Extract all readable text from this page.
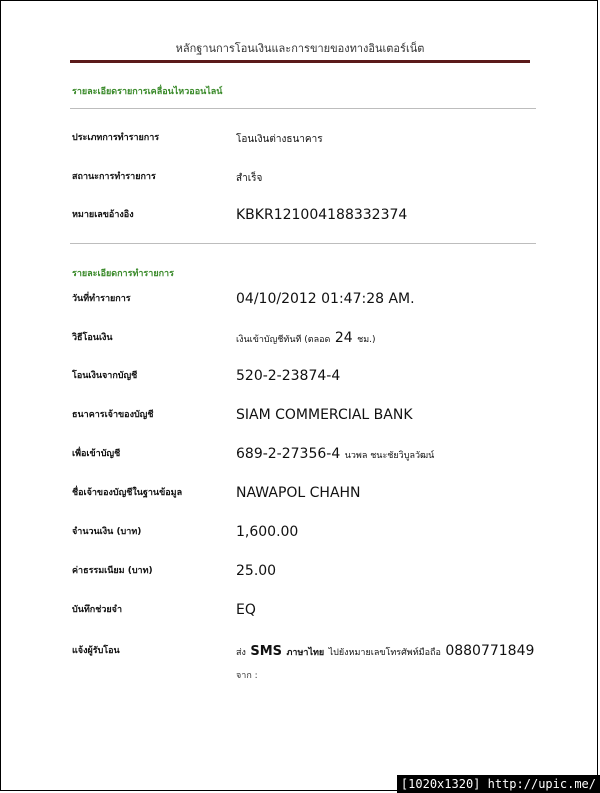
หลักฐานการโอนเงินและการขายของทางอินเตอร์เน็ต
รายละเอียดรายการเคลื่อนไหวออนไลน์
ประเภทการทำรายการ	โอนเงินต่างธนาคาร
สถานะการทำรายการ	สำเร็จ
หมายเลขอ้างอิง	KBKR121004188332374
รายละเอียดการทำรายการ
วันที่ทำรายการ	04/10/2012 01:47:28 AM.
วิธีโอนเงิน	เงินเข้าบัญชีทันที (ตลอด 24 ชม.)
โอนเงินจากบัญชี	520-2-23874-4
ธนาคารเจ้าของบัญชี	SIAM COMMERCIAL BANK
เพื่อเข้าบัญชี	689-2-27356-4 นวพล ชนะชัยวิบูลวัฒน์
ชื่อเจ้าของบัญชีในฐานข้อมูล	NAWAPOL CHAHN
จำนวนเงิน (บาท)	1,600.00
ค่าธรรมเนียม (บาท)	25.00
บันทึกช่วยจำ	EQ
แจ้งผู้รับโอน	ส่ง SMS ภาษาไทย ไปยังหมายเลขโทรศัพท์มือถือ 0880771849
จาก :
[1020x1320] http://upic.me/
